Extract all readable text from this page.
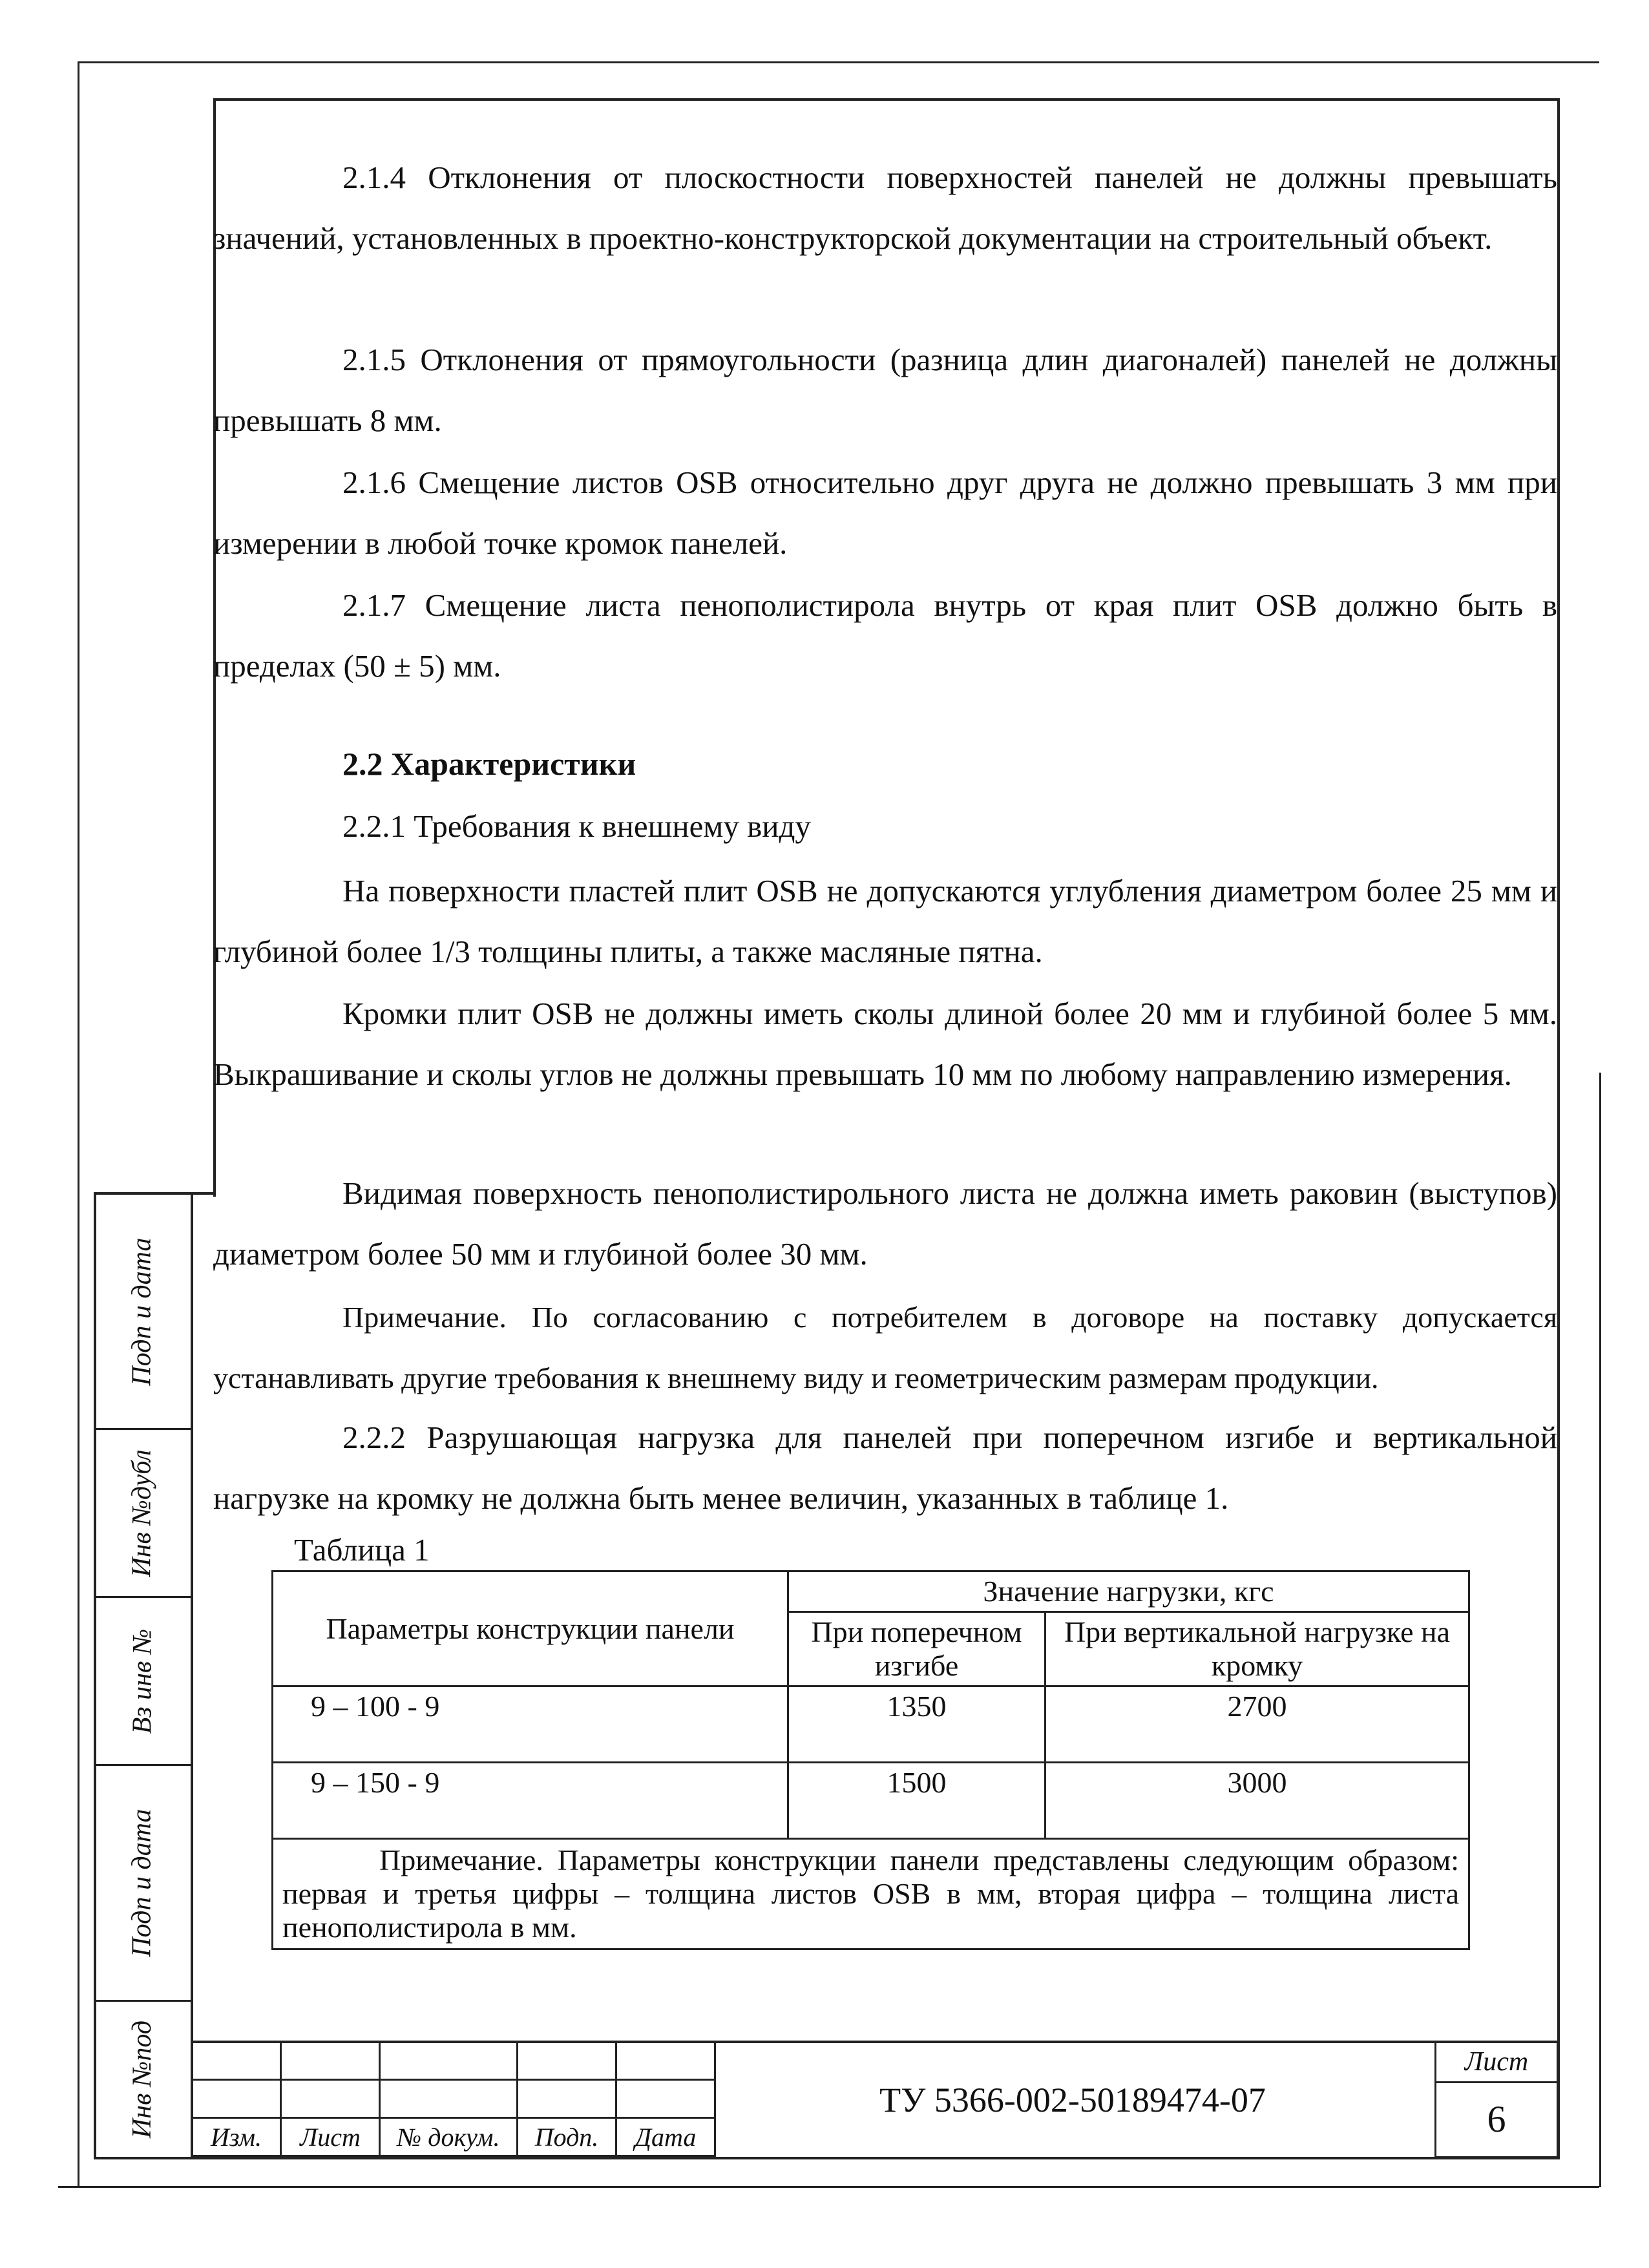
Подп и дата
Инв №дубл
Вз инв №
Подп и дата
Инв №под

2.1.4 Отклонения от плоскостности поверхностей панелей не должны превышать значений, установленных в проектно-конструкторской документации на строительный объект.

2.1.5 Отклонения от прямоугольности (разница длин диагоналей) панелей не должны превышать 8 мм.

2.1.6 Смещение листов OSB относительно друг друга не должно превышать 3 мм при измерении в любой точке кромок панелей.

2.1.7 Смещение листа пенополистирола внутрь от края плит OSB должно быть в пределах (50 ± 5) мм.

2.2 Характеристики

2.2.1 Требования к внешнему виду

На поверхности пластей плит OSB не допускаются углубления диаметром более 25 мм и глубиной более 1/3 толщины плиты, а также масляные пятна.

Кромки плит OSB не должны иметь сколы длиной более 20 мм и глубиной более 5 мм. Выкрашивание и сколы углов не должны превышать 10 мм по любому направлению измерения.

Видимая поверхность пенополистирольного листа не должна иметь раковин (выступов) диаметром более 50 мм и глубиной более 30 мм.

Примечание. По согласованию с потребителем в договоре на поставку допускается устанавливать другие требования к внешнему виду и геометрическим размерам продукции.

2.2.2 Разрушающая нагрузка для панелей при поперечном изгибе и вертикальной нагрузке на кромку не должна быть менее величин, указанных в таблице 1.

Таблица 1

Параметры конструкции панели	Значение нагрузки, кгс	
	При поперечном изгибе	При вертикальной нагрузке на кромку
9 – 100 - 9	1350	2700
9 – 150 - 9	1500	3000
Примечание. Параметры конструкции панели представлены следующим образом: первая и третья цифры – толщина листов OSB в мм, вторая цифра – толщина листа пенополистирола в мм.		

Изм.	Лист	№ докум.	Подп.	Дата
ТУ 5366-002-50189474-07
Лист
6
